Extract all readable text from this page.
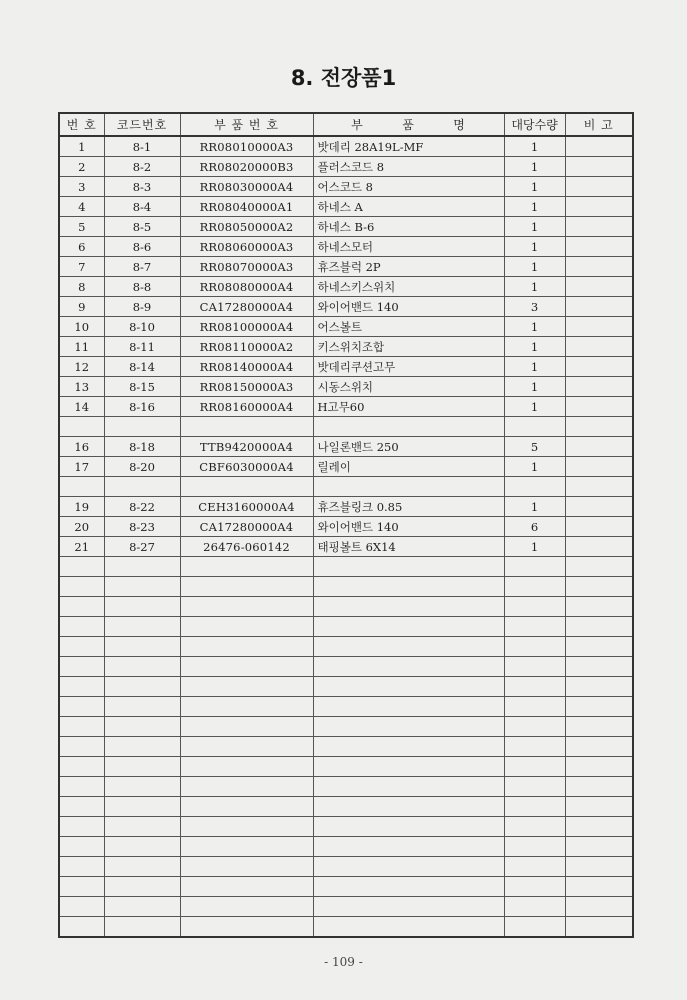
8. 전장품1
번 호	코드번호	부 품 번 호	부        품        명	대당수량	비 고
1	8-1	RR08010000A3	밧데리 28A19L-MF	1	
2	8-2	RR08020000B3	플러스코드 8	1	
3	8-3	RR08030000A4	어스코드 8	1	
4	8-4	RR08040000A1	하네스 A	1	
5	8-5	RR08050000A2	하네스 B-6	1	
6	8-6	RR08060000A3	하네스모터	1	
7	8-7	RR08070000A3	휴즈블럭 2P	1	
8	8-8	RR08080000A4	하네스키스위치	1	
9	8-9	CA17280000A4	와이어밴드 140	3	
10	8-10	RR08100000A4	어스볼트	1	
11	8-11	RR08110000A2	키스위치조합	1	
12	8-14	RR08140000A4	밧데리쿠션고무	1	
13	8-15	RR08150000A3	시동스위치	1	
14	8-16	RR08160000A4	H고무60	1	

16	8-18	TTB9420000A4	나일론밴드 250	5	
17	8-20	CBF6030000A4	릴레이	1	

19	8-22	CEH3160000A4	휴즈블링크 0.85	1	
20	8-23	CA17280000A4	와이어밴드 140	6	
21	8-27	26476-060142	태핑볼트 6X14	1	

- 109 -
